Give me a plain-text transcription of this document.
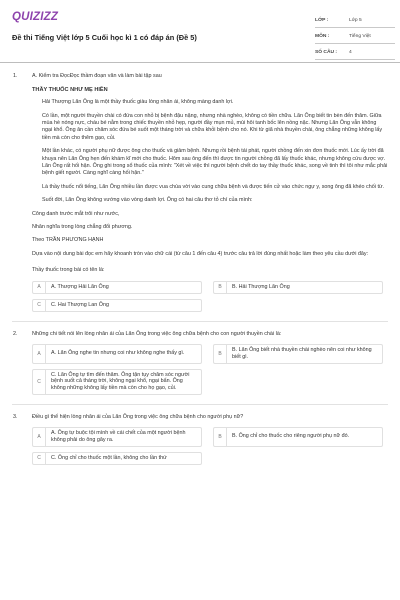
QUIZIZZ
Đề thi Tiếng Việt lớp 5 Cuối học kì 1 có đáp án (Đề 5)
LỚP :	Lớp 5
MÔN :	Tiếng Việt
SỐ CÂU :	4
1.	A. Kiểm tra ĐọcĐọc thầm đoạn văn và làm bài tập sau
THẦY THUỐC NHƯ MẸ HIỀN

Hải Thượng Lãn Ông là một thầy thuốc giàu lòng nhân ái, không màng danh lợi.

Có lần, một người thuyền chài có đứa con nhỏ bị bệnh đậu nặng, nhưng nhà nghèo, không có tiền chữa. Lãn Ông biết tin bèn đến thăm. Giữa mùa hè nóng nực, cháu bé nằm trong chiếc thuyền nhỏ hẹp, người đầy mụn mủ, mùi hôi tanh bốc lên nồng nặc. Nhưng Lãn Ông vẫn không ngại khổ. Ông ân cần chăm sóc đứa bé suốt một tháng trời và chữa khỏi bệnh cho nó. Khi từ giã nhà thuyền chài, ông chẳng những không lấy tiền mà còn cho thêm gạo, củi.

Một lần khác, có người phụ nữ được ông cho thuốc và giảm bệnh. Nhưng rồi bệnh tái phát, người chồng đến xin đơn thuốc mới. Lúc ấy trời đã khuya nên Lãn Ông hẹn đến khám kĩ mới cho thuốc. Hôm sau ông đến thì được tin người chồng đã lấy thuốc khác, nhưng không cứu được vợ. Lãn Ông rất hối hận. Ông ghi trong sổ thuốc của mình: "Xét về việc thì người bệnh chết do tay thầy thuốc khác, song về tinh thì tôi như mắc phải bệnh giết người. Càng nghĩ càng hối hận."

Là thầy thuốc nổi tiếng, Lãn Ông nhiều lần được vua chúa vời vào cung chữa bệnh và được tiến cử vào chức ngự y, song ông đã khéo chối từ.

Suốt đời, Lãn Ông không vướng vào vòng danh lợi. Ông có hai câu thơ tỏ chí của mình:

Công danh trước mắt trôi như nước,

Nhân nghĩa trong lòng chẳng đổi phương.

Theo TRẦN PHƯƠNG HẠNH

Dựa vào nội dung bài đọc em hãy khoanh tròn vào chữ cái (từ câu 1 đến câu 4) trước câu trả lời đúng nhất hoặc làm theo yêu cầu dưới đây:

Thầy thuốc trong bài có tên là:

A	A. Thượng Hải Lãn Ông	B	B. Hải Thượng Lãn Ông
C	C. Hai Thượng Lan Ông
2.	Những chi tiết nói lên lòng nhân ái của Lãn Ông trong việc ông chữa bệnh cho con người thuyền chài là:
A	A. Lãn Ông nghe tin nhưng coi như không nghe thấy gì.	B
B. Lãn Ông biết nhà thuyền chài nghèo nên coi như không biết gì.
C
C. Lãn Ông tự tìm đến thăm. Ông tận tụy chăm sóc người bệnh suốt cả tháng trời, không ngại khổ, ngại bẩn. Ông không những không lấy tiền mà còn cho họ gạo, củi.
3.	Điều gì thể hiện lòng nhân ái của Lãn Ông trong việc ông chữa bệnh cho người phụ nữ?
A
A. Ông tự buộc tội mình về cái chết của một người bệnh không phải do ông gây ra.	B	B. Ông chỉ cho thuốc cho riêng người phụ nữ đó.
C	C. Ông chỉ cho thuốc một lần, không cho lần thứ
